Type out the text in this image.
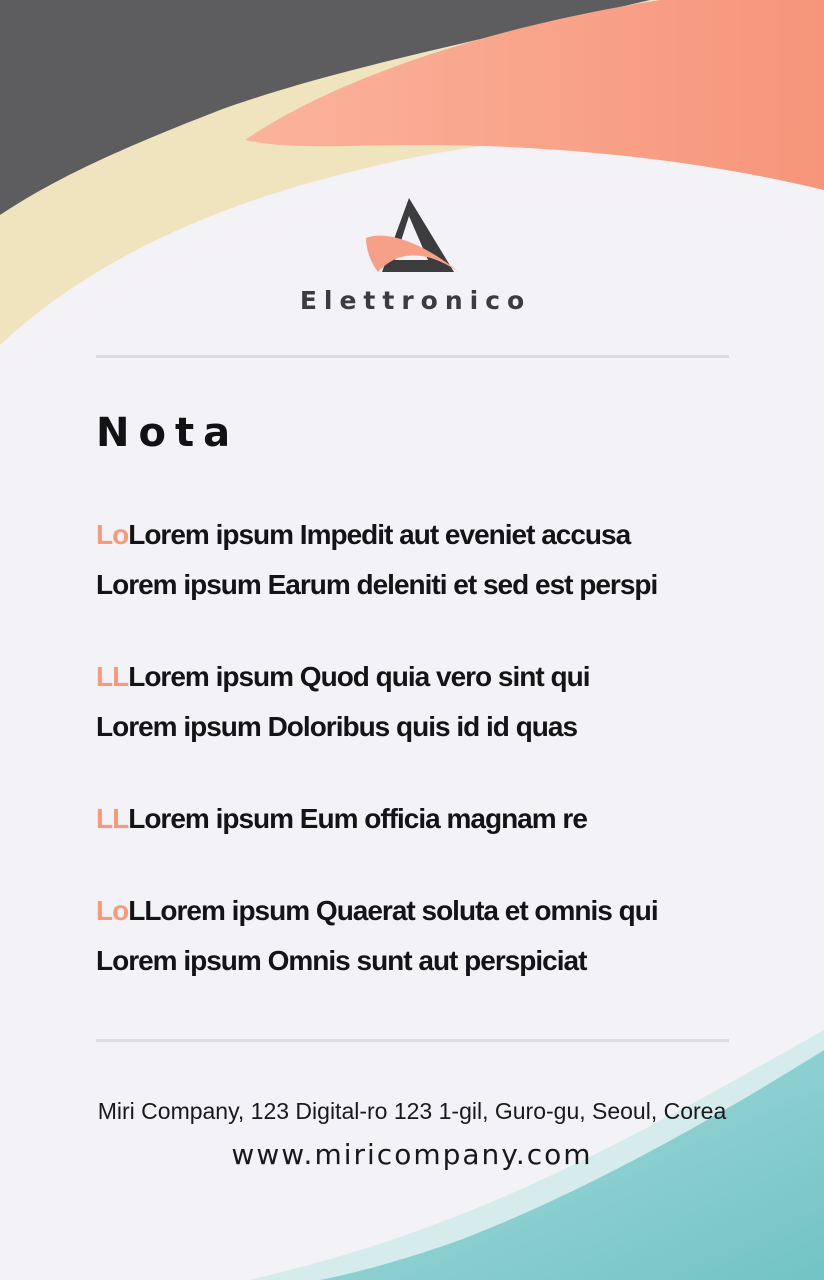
Elettronico
Nota
LoLorem ipsum Impedit aut eveniet accusa
Lorem ipsum Earum deleniti et sed est perspi
LLLorem ipsum Quod quia vero sint qui
Lorem ipsum Doloribus quis id id quas
LLLorem ipsum Eum officia magnam re
LoLLorem ipsum Quaerat soluta et omnis qui
Lorem ipsum Omnis sunt aut perspiciat
Miri Company, 123 Digital-ro 123 1-gil, Guro-gu, Seoul, Corea
www.miricompany.com
